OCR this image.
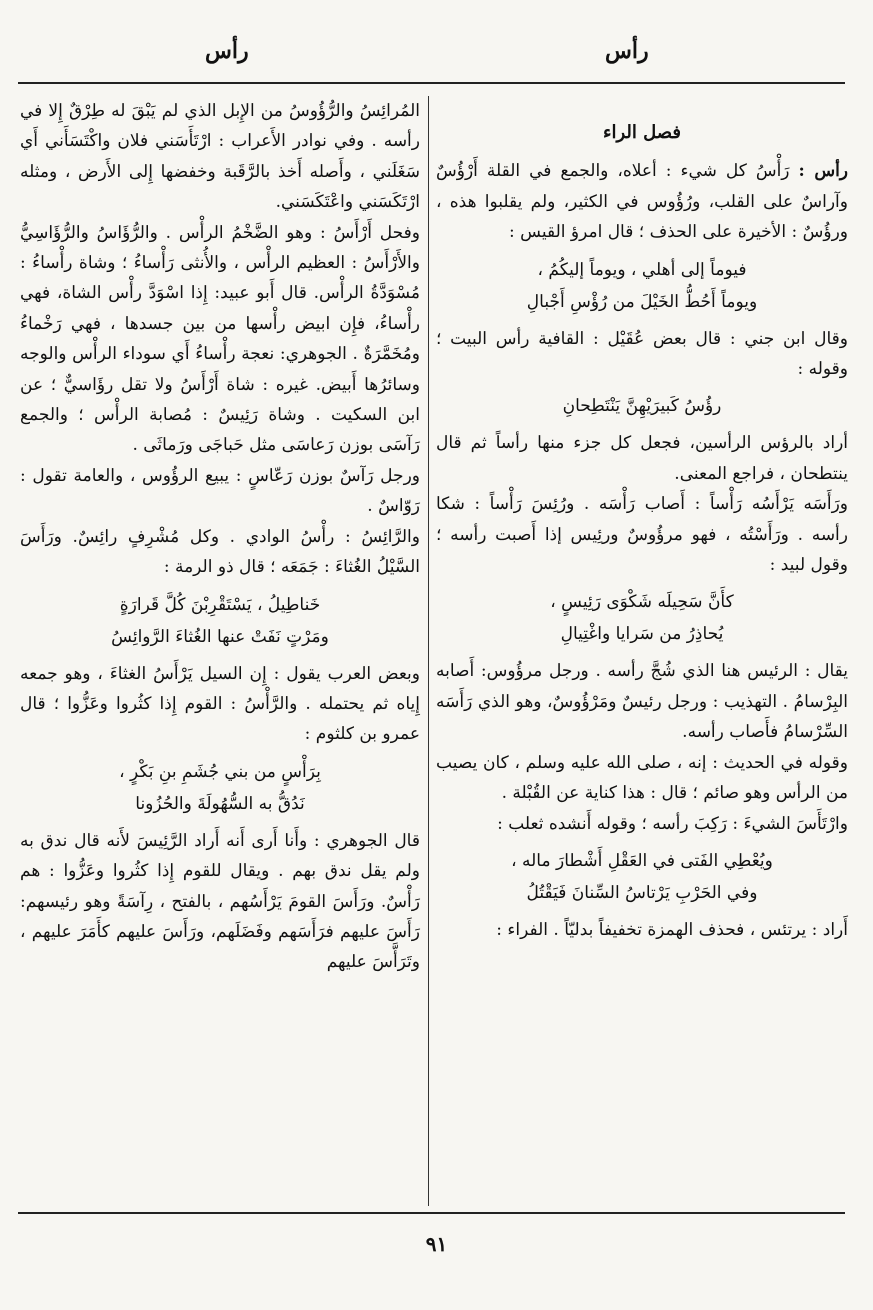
رأس	رأس
فصل الراء

رأس : رَأْسُ كل شيء : أعلاه، والجمع في القلة أَرْؤُسٌ وآراسٌ على القلب، ورُؤُوس في الكثير، ولم يقلبوا هذه ، ورؤُسٌ : الأخيرة على الحذف ؛ قال امرؤ القيس :

فيوماً إلى أهلي ، ويوماً إليكُمُ ،
ويوماً أَحُطُّ الخَيْلَ من رُؤْسِ أَجْبالِ

وقال ابن جني : قال بعض عُقَيْل : القافية رأس البيت ؛ وقوله :

رؤُسُ كَبيرَيْهِنَّ يَنْتَطِحانِ

أراد بالرؤس الرأسين، فجعل كل جزء منها رأساً ثم قال ينتطحان ، فراجع المعنى.

ورَأَسَه يَرْأَسُه رَأْساً : أَصاب رَأْسَه . ورُئِسَ رَأْساً : شكا رأسه . ورَأَسْتُه ، فهو مرؤُوسٌ ورئِيس إذا أَصبت رأسه ؛ وقول لبيد :

كأَنَّ سَحِيلَه شَكْوَى رَئِيسٍ ،
يُحاذِرُ من سَرايا واغْتِيالِ

يقال : الرئيس هنا الذي شُجَّ رأسه . ورجل مرؤُوس: أَصابه البِرْسامُ . التهذيب : ورجل رئيسٌ ومَرْؤُوسٌ، وهو الذي رَأَسَه السِّرْسامُ فأَصاب رأسه.

وقوله في الحديث : إنه ، صلى الله عليه وسلم ، كان يصيب من الرأس وهو صائم ؛ قال : هذا كناية عن القُبْلة .

وارْتَأَسَ الشيءَ : رَكِبَ رأسه ؛ وقوله أَنشده ثعلب :

ويُعْطِي الفَتى في العَقْلِ أَشْطارَ ماله ،
وفي الحَرْبِ يَرْتاسُ السِّنانَ فَيَقْتُلُ

أَراد : يرتئس ، فحذف الهمزة تخفيفاً بدليّاً . الفراء :

المُرائِسُ والرُّؤُوسُ من الإِبل الذي لم يَبْقَ له طِرْقٌ إِلا في رأسه . وفي نوادر الأَعراب : ارْتَأَسَني فلان واكْتَسَأَني أَي سَغَلَني ، وأَصله أَخذ بالرَّقَبة وخفضها إِلى الأَرض ، ومثله ارْتَكَسَني واعْتَكَسَني.

وفحل أَرْأَسُ : وهو الضَّخْمُ الرأْس . والرُّؤَاسُ والرُّؤَاسِيُّ والأَرْأَسُ : العظيم الرأْس ، والأُنثى رَأْساءُ ؛ وشاة رأْساءُ : مُسْوَدَّةُ الرأْس. قال أَبو عبيد: إِذا اسْوَدَّ رأْس الشاة، فهي رأْساءُ، فإِن ابيض رأْسها من بين جسدها ، فهي رَخْماءُ ومُخَمَّرَةٌ . الجوهري: نعجة رأْساءُ أَي سوداء الرأْس والوجه وسائرُها أَبيض. غيره : شاة أَرْأَسُ ولا تقل رؤَاسيٌّ ؛ عن ابن السكيت . وشاة رَئِيسٌ : مُصابة الرأْس ؛ والجمع رَآسَى بوزن رَعاسَى مثل حَباجَى ورَماثَى .

ورجل رَآسٌ بوزن رَعّاسٍ : يبيع الرؤُوس ، والعامة تقول : رَوّاسٌ .

والرَّائِسُ : رأْسُ الوادي . وكل مُشْرِفٍ رائِسٌ. ورَأَسَ السَّيْلُ الغُثاءَ : جَمَعَه ؛ قال ذو الرمة :

خَناطِيلُ ، يَسْتَقْرِبْنَ كُلَّ قَرارَةٍ
ومَرْتٍ نَفَتْ عنها الغُثاءَ الرَّوائِسُ

وبعض العرب يقول : إِن السيل يَرْأَسُ الغثاءَ ، وهو جمعه إِياه ثم يحتمله . والرَّأْسُ : القوم إِذا كثُروا وعَزُّوا ؛ قال عمرو بن كلثوم :

بِرَأْسٍ من بني جُشَمِ بنِ بَكْرٍ ،
نَدُقُّ به السُّهُولَةَ والحُزُونا

قال الجوهري : وأَنا أَرى أَنه أَراد الرَّئِيسَ لأَنه قال ندق به ولم يقل ندق بهم . ويقال للقوم إِذا كثُروا وعَزُّوا : هم رَأْسٌ. ورَأَسَ القومَ يَرْأَسُهم ، بالفتح ، رِآسَةً وهو رئيسهم: رَأَسَ عليهم فرَأَسَهم وفَضَلَهم، ورَأَسَ عليهم كأَمَرَ عليهم ، وتَرَأَّسَ عليهم

٩١
